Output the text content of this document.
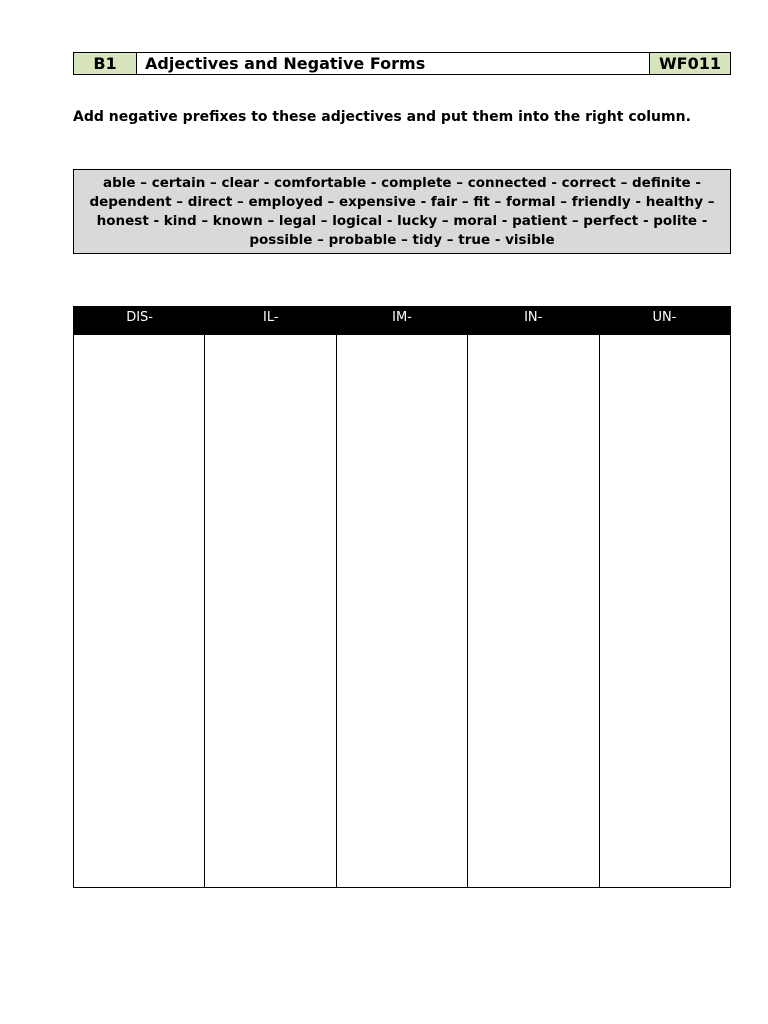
B1	Adjectives and Negative Forms	WF011
Add negative prefixes to these adjectives and put them into the right column.
able – certain – clear - comfortable - complete – connected - correct – definite - dependent – direct – employed – expensive - fair – fit – formal – friendly - healthy – honest - kind – known – legal – logical - lucky – moral - patient – perfect - polite - possible – probable – tidy – true - visible
DIS-	IL-	IM-	IN-	UN-
